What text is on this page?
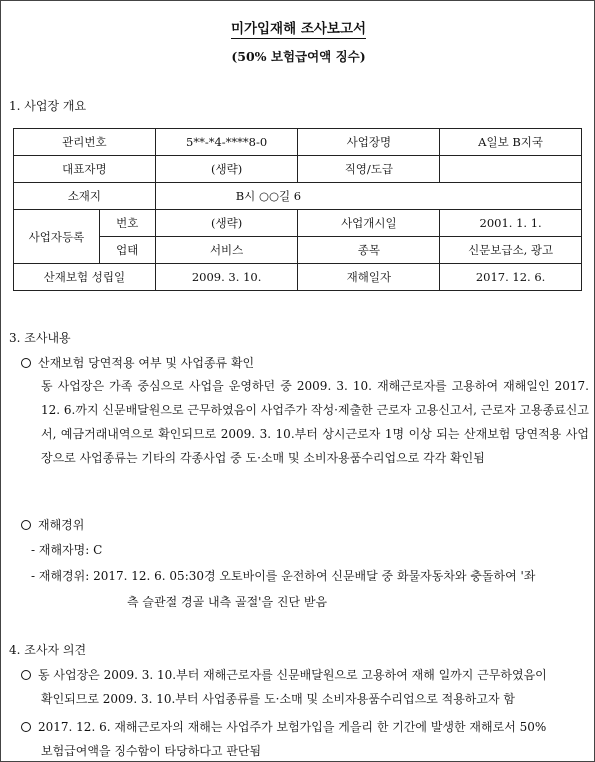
미가입재해 조사보고서
(50% 보험급여액 징수)
1. 사업장 개요
관리번호		5**-*4-****8-0	사업장명	A일보 B지국
대표자명		(생략)	직영/도급	
소재지		B시 ○○길 6		
사업자등록	번호	(생략)	사업개시일	2001. 1. 1.
	업태	서비스	종목	신문보급소, 광고
산재보험 성립일		2009. 3. 10.	재해일자	2017. 12. 6.
3. 조사내용
산재보험 당연적용 여부 및 사업종류 확인
동 사업장은 가족 중심으로 사업을 운영하던 중 2009. 3. 10. 재해근로자를 고용하여 재해일인 2017. 12. 6.까지 신문배달원으로 근무하였음이 사업주가 작성·제출한 근로자 고용신고서, 근로자 고용종료신고서, 예금거래내역으로 확인되므로 2009. 3. 10.부터 상시근로자 1명 이상 되는 산재보험 당연적용 사업장으로 사업종류는 기타의 각종사업 중 도·소매 및 소비자용품수리업으로 각각 확인됨
재해경위
- 재해자명: C
- 재해경위: 2017. 12. 6. 05:30경 오토바이를 운전하여 신문배달 중 화물자동차와 충돌하여 '좌
측 슬관절 경골 내측 골절'을 진단 받음
4. 조사자 의견
동 사업장은 2009. 3. 10.부터 재해근로자를 신문배달원으로 고용하여 재해 일까지 근무하였음이
확인되므로 2009. 3. 10.부터 사업종류를 도·소매 및 소비자용품수리업으로 적용하고자 함
2017. 12. 6. 재해근로자의 재해는 사업주가 보험가입을 게을리 한 기간에 발생한 재해로서 50%
보험급여액을 징수함이 타당하다고 판단됨
